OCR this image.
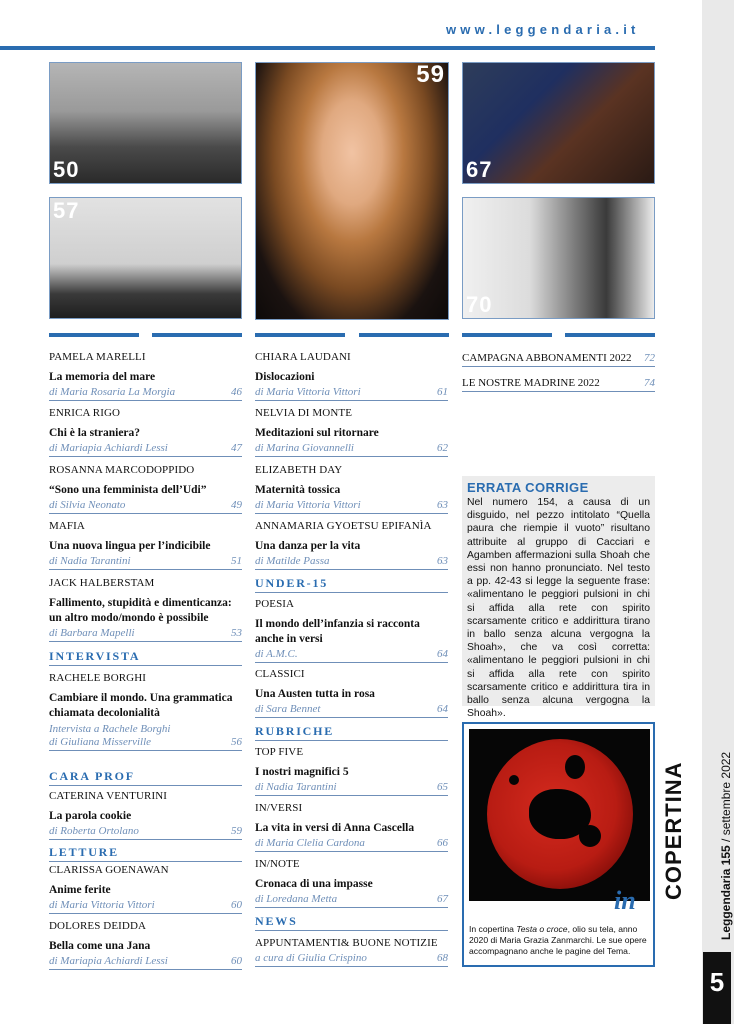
www.leggendaria.it
50
57
59
67
70
PAMELA MARELLI
La memoria del mare
di Maria Rosaria La Morgia	46
ENRICA RIGO
Chi è la straniera?
di Mariapia Achiardi Lessi	47
ROSANNA MARCODOPPIDO
“Sono una femminista dell’Udi”
di Silvia Neonato	49
MAFIA
Una nuova lingua per l’indicibile
di Nadia Tarantini	51
JACK HALBERSTAM
Fallimento, stupidità e dimenticanza: un altro modo/mondo è possibile
di Barbara Mapelli	53
INTERVISTA
RACHELE BORGHI
Cambiare il mondo. Una grammatica chiamata decolonialità
Intervista a Rachele Borghi
di Giuliana Misserville	56
CARA PROF
CATERINA VENTURINI
La parola cookie
di Roberta Ortolano	59
LETTURE
CLARISSA GOENAWAN
Anime ferite
di Maria Vittoria Vittori	60
DOLORES DEIDDA
Bella come una Jana
di Mariapia Achiardi Lessi	60
CHIARA LAUDANI
Dislocazioni
di Maria Vittoria Vittori	61
NELVIA DI MONTE
Meditazioni sul ritornare
di Marina Giovannelli	62
ELIZABETH DAY
Maternità tossica
di Maria Vittoria Vittori	63
ANNAMARIA GYOETSU EPIFANÌA
Una danza per la vita
di Matilde Passa	63
UNDER-15
POESIA
Il mondo dell’infanzia si racconta anche in versi
di A.M.C.	64
CLASSICI
Una Austen tutta in rosa
di Sara Bennet	64
RUBRICHE
TOP FIVE
I nostri magnifici 5
di Nadia Tarantini	65
IN/VERSI
La vita in versi di Anna Cascella
di Maria Clelia Cardona	66
IN/NOTE
Cronaca di una impasse
di Loredana Metta	67
NEWS
APPUNTAMENTI& BUONE NOTIZIE
a cura di Giulia Crispino	68
CAMPAGNA ABBONAMENTI 2022 72
LE NOSTRE MADRINE 2022	74
ERRATA CORRIGE
Nel numero 154, a causa di un disguido, nel pezzo intitolato “Quella paura che riempie il vuoto” risultano attribuite al gruppo di Cacciari e Agamben affermazioni sulla Shoah che essi non hanno pronunciato. Nel testo a pp. 42-43 si legge la seguente frase: «alimentano le peggiori pulsioni in chi si affida alla rete con spirito scarsamente critico e addirittura tirano in ballo senza alcuna vergogna la Shoah», che va così corretta: «alimentano le peggiori pulsioni in chi si affida alla rete con spirito scarsamente critico e addirittura tira in ballo senza alcuna vergogna la Shoah».
in
In copertina Testa o croce, olio su tela, anno 2020 di Maria Grazia Zanmarchi. Le sue opere accompagnano anche le pagine del Tema.
COPERTINA	Leggendaria 155 / settembre 2022
5
